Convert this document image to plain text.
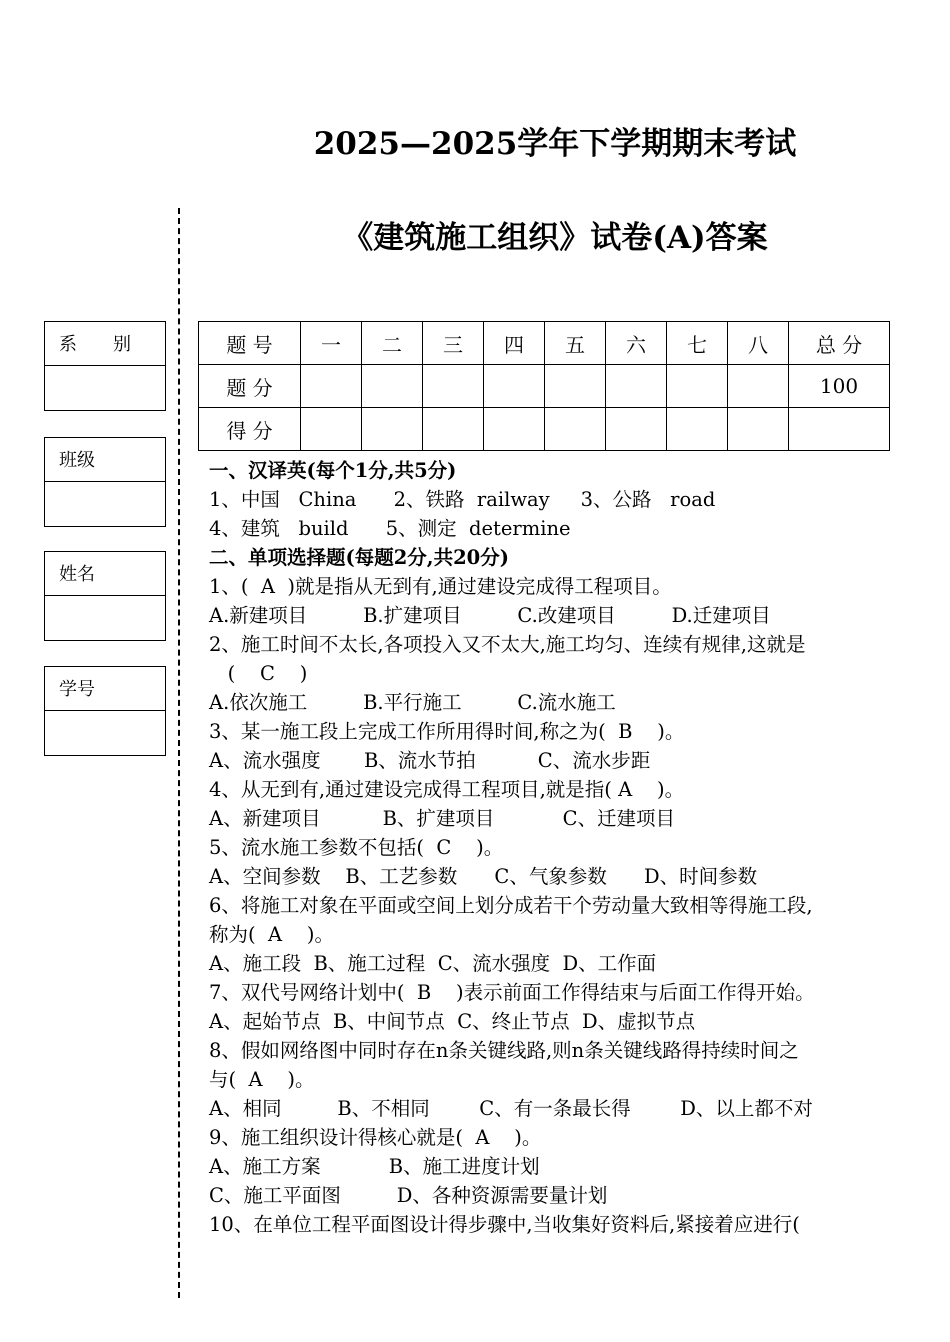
2025—2025学年下学期期末考试
《建筑施工组织》试卷(A)答案
系　　别
班级
姓名
学号
题 号	一	二	三	四	五	六	七	八	总 分
题 分									100
得 分									
一、汉译英(每个1分,共5分)
1、中国   China      2、铁路  railway     3、公路   road
4、建筑   build      5、测定  determine
二、单项选择题(每题2分,共20分)
1、(  A  )就是指从无到有,通过建设完成得工程项目。
A.新建项目         B.扩建项目         C.改建项目         D.迁建项目
2、施工时间不太长,各项投入又不太大,施工均匀、连续有规律,这就是
(    C    )
A.依次施工         B.平行施工         C.流水施工
3、某一施工段上完成工作所用得时间,称之为(  B    )。
A、流水强度       B、流水节拍          C、流水步距
4、从无到有,通过建设完成得工程项目,就是指( A    )。
A、新建项目          B、扩建项目           C、迁建项目
5、流水施工参数不包括(  C    )。
A、空间参数    B、工艺参数      C、气象参数      D、时间参数
6、将施工对象在平面或空间上划分成若干个劳动量大致相等得施工段,
称为(  A    )。
A、施工段  B、施工过程  C、流水强度  D、工作面
7、双代号网络计划中(  B    )表示前面工作得结束与后面工作得开始。
A、起始节点  B、中间节点  C、终止节点  D、虚拟节点
8、假如网络图中同时存在n条关键线路,则n条关键线路得持续时间之
与(  A    )。
A、相同         B、不相同        C、有一条最长得        D、以上都不对
9、施工组织设计得核心就是(  A    )。
A、施工方案           B、施工进度计划
C、施工平面图         D、各种资源需要量计划
10、在单位工程平面图设计得步骤中,当收集好资料后,紧接着应进行(
